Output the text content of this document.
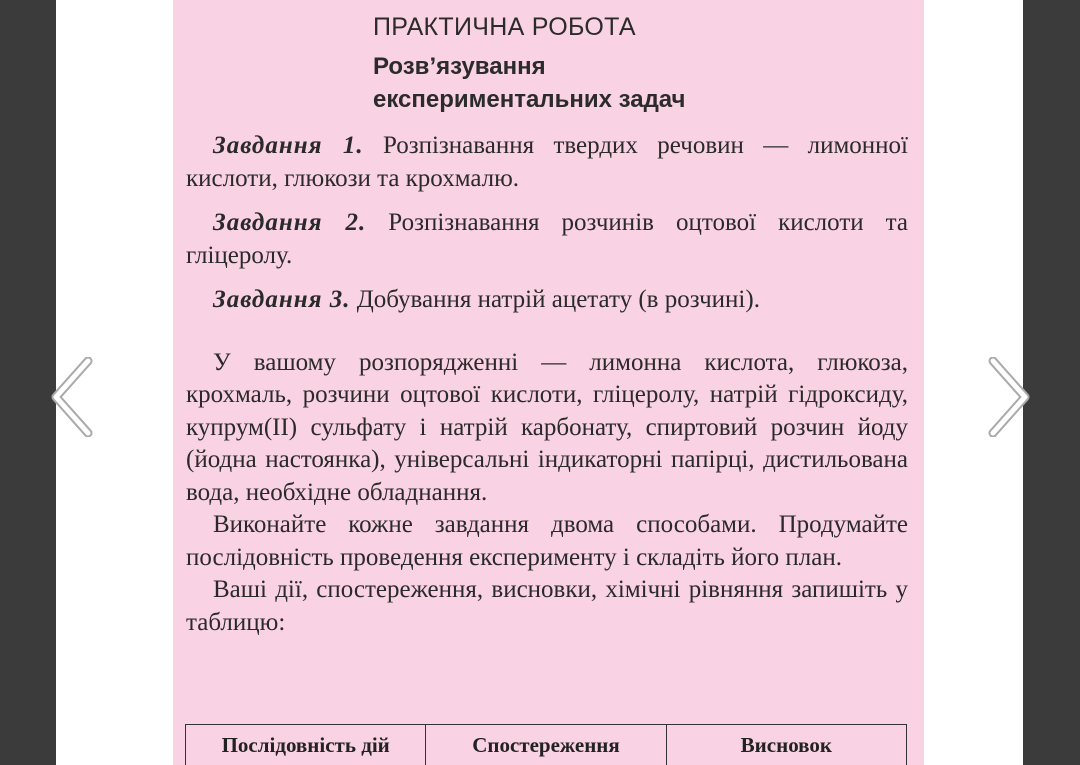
ПРАКТИЧНА РОБОТА
Розв’язування
експериментальних задач

Завдання 1. Розпізнавання твердих речовин — лимонної кислоти, глюкози та крохмалю.

Завдання 2. Розпізнавання розчинів оцтової кислоти та гліцеролу.

Завдання 3. Добування натрій ацетату (в розчині).

У вашому розпорядженні — лимонна кислота, глюкоза, крохмаль, розчини оцтової кислоти, гліцеролу, натрій гідроксиду, купрум(II) сульфату і натрій карбонату, спиртовий розчин йоду (йодна настоянка), універсальні індикаторні папірці, дистильована вода, необхідне обладнання.

Виконайте кожне завдання двома способами. Продумайте послідовність проведення експерименту і складіть його план.

Ваші дії, спостереження, висновки, хімічні рівняння запишіть у таблицю:

Послідовність дій	Спостереження	Висновок
